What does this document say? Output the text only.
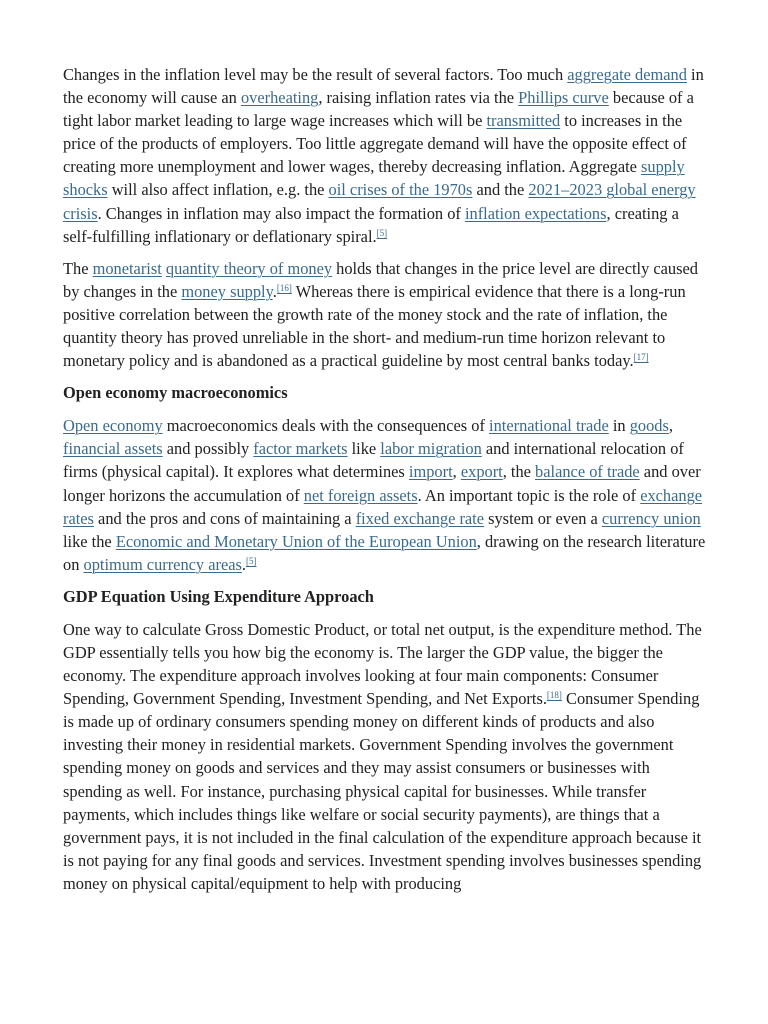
Changes in the inflation level may be the result of several factors. Too much aggregate demand in the economy will cause an overheating, raising inflation rates via the Phillips curve because of a tight labor market leading to large wage increases which will be transmitted to increases in the price of the products of employers. Too little aggregate demand will have the opposite effect of creating more unemployment and lower wages, thereby decreasing inflation. Aggregate supply shocks will also affect inflation, e.g. the oil crises of the 1970s and the 2021–2023 global energy crisis. Changes in inflation may also impact the formation of inflation expectations, creating a self-fulfilling inflationary or deflationary spiral.[5]

The monetarist quantity theory of money holds that changes in the price level are directly caused by changes in the money supply.[16] Whereas there is empirical evidence that there is a long-run positive correlation between the growth rate of the money stock and the rate of inflation, the quantity theory has proved unreliable in the short- and medium-run time horizon relevant to monetary policy and is abandoned as a practical guideline by most central banks today.[17]

Open economy macroeconomics

Open economy macroeconomics deals with the consequences of international trade in goods, financial assets and possibly factor markets like labor migration and international relocation of firms (physical capital). It explores what determines import, export, the balance of trade and over longer horizons the accumulation of net foreign assets. An important topic is the role of exchange rates and the pros and cons of maintaining a fixed exchange rate system or even a currency union like the Economic and Monetary Union of the European Union, drawing on the research literature on optimum currency areas.[5]

GDP Equation Using Expenditure Approach

One way to calculate Gross Domestic Product, or total net output, is the expenditure method. The GDP essentially tells you how big the economy is. The larger the GDP value, the bigger the economy. The expenditure approach involves looking at four main components: Consumer Spending, Government Spending, Investment Spending, and Net Exports.[18] Consumer Spending is made up of ordinary consumers spending money on different kinds of products and also investing their money in residential markets. Government Spending involves the government spending money on goods and services and they may assist consumers or businesses with spending as well. For instance, purchasing physical capital for businesses. While transfer payments, which includes things like welfare or social security payments), are things that a government pays, it is not included in the final calculation of the expenditure approach because it is not paying for any final goods and services. Investment spending involves businesses spending money on physical capital/equipment to help with producing
